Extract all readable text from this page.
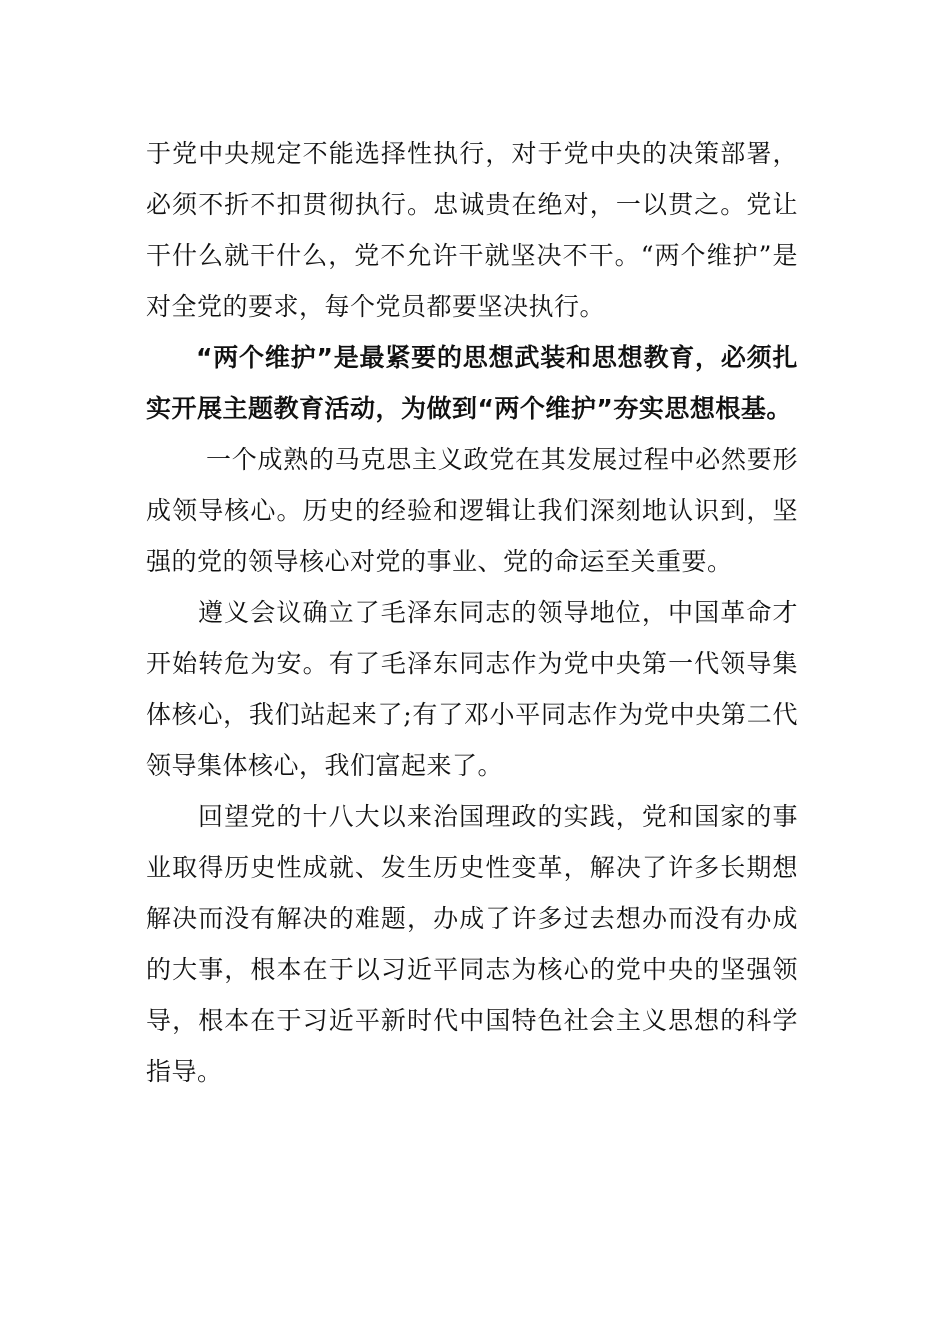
于党中央规定不能选择性执行，对于党中央的决策部署，必须不折不扣贯彻执行。忠诚贵在绝对，一以贯之。党让干什么就干什么，党不允许干就坚决不干。“两个维护”是对全党的要求，每个党员都要坚决执行。

“两个维护”是最紧要的思想武装和思想教育，必须扎实开展主题教育活动，为做到“两个维护”夯实思想根基。

一个成熟的马克思主义政党在其发展过程中必然要形成领导核心。历史的经验和逻辑让我们深刻地认识到，坚强的党的领导核心对党的事业、党的命运至关重要。

遵义会议确立了毛泽东同志的领导地位，中国革命才开始转危为安。有了毛泽东同志作为党中央第一代领导集体核心，我们站起来了;有了邓小平同志作为党中央第二代领导集体核心，我们富起来了。

回望党的十八大以来治国理政的实践，党和国家的事业取得历史性成就、发生历史性变革，解决了许多长期想解决而没有解决的难题，办成了许多过去想办而没有办成的大事，根本在于以习近平同志为核心的党中央的坚强领导，根本在于习近平新时代中国特色社会主义思想的科学指导。
